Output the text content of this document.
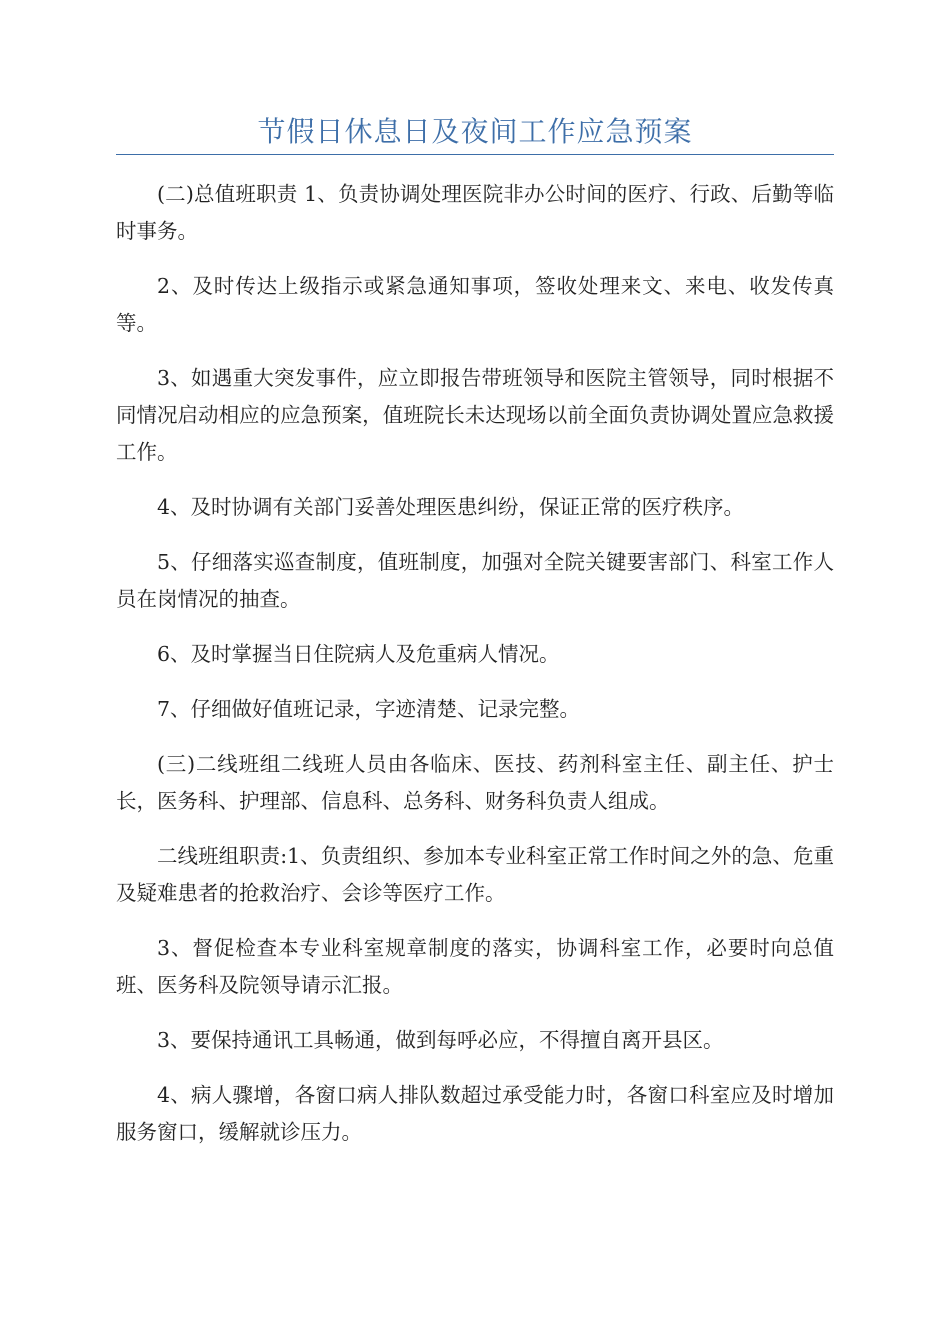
节假日休息日及夜间工作应急预案

(二)总值班职责 1、负责协调处理医院非办公时间的医疗、行政、后勤等临时事务。

2、及时传达上级指示或紧急通知事项，签收处理来文、来电、收发传真等。

3、如遇重大突发事件，应立即报告带班领导和医院主管领导，同时根据不同情况启动相应的应急预案，值班院长未达现场以前全面负责协调处置应急救援工作。

4、及时协调有关部门妥善处理医患纠纷，保证正常的医疗秩序。

5、仔细落实巡查制度，值班制度，加强对全院关键要害部门、科室工作人员在岗情况的抽查。

6、及时掌握当日住院病人及危重病人情况。

7、仔细做好值班记录，字迹清楚、记录完整。

(三)二线班组二线班人员由各临床、医技、药剂科室主任、副主任、护士长，医务科、护理部、信息科、总务科、财务科负责人组成。

二线班组职责:1、负责组织、参加本专业科室正常工作时间之外的急、危重及疑难患者的抢救治疗、会诊等医疗工作。

3、督促检查本专业科室规章制度的落实，协调科室工作，必要时向总值班、医务科及院领导请示汇报。

3、要保持通讯工具畅通，做到每呼必应，不得擅自离开县区。

4、病人骤增，各窗口病人排队数超过承受能力时，各窗口科室应及时增加服务窗口，缓解就诊压力。
